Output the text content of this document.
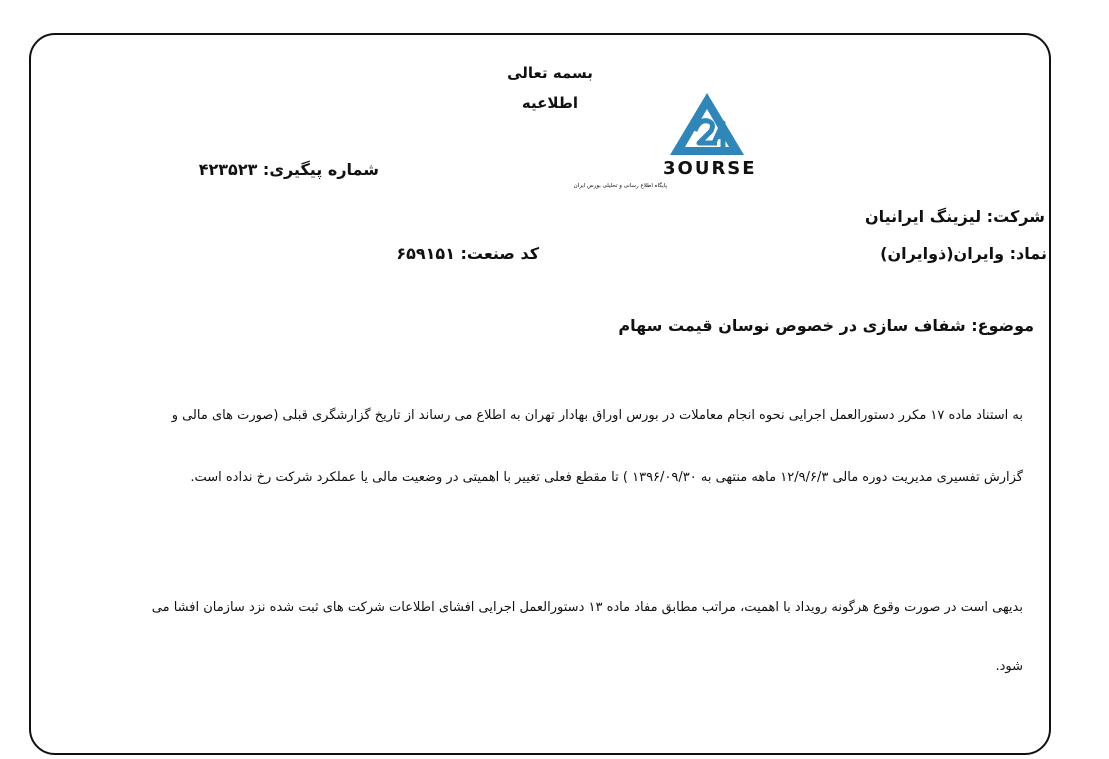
بسمه تعالی
اطلاعیه
3OURSE
پایگاه اطلاع رسانی و تحلیلی بورس ایران
شماره پیگیری: ۴۲۳۵۲۳
شرکت: لیزینگ ایرانیان
نماد: وایران(ذوایران)
کد صنعت: ۶۵۹۱۵۱
موضوع: شفاف سازی در خصوص نوسان قیمت سهام
به استناد ماده ۱۷ مکرر دستورالعمل اجرایی نحوه انجام معاملات در بورس اوراق بهادار تهران به اطلاع می رساند از تاریخ گزارشگری قبلی (صورت های مالی و
گزارش تفسیری مدیریت دوره مالی ۱۲/۹/۶/۳ ماهه منتهی به ۱۳۹۶/۰۹/۳۰ ) تا مقطع فعلی تغییر با اهمیتی در وضعیت مالی یا عملکرد شرکت رخ نداده است.
بدیهی است در صورت وقوع هرگونه رویداد با اهمیت، مراتب مطابق مفاد ماده ۱۳ دستورالعمل اجرایی افشای اطلاعات شرکت های ثبت شده نزد سازمان افشا می
شود.
